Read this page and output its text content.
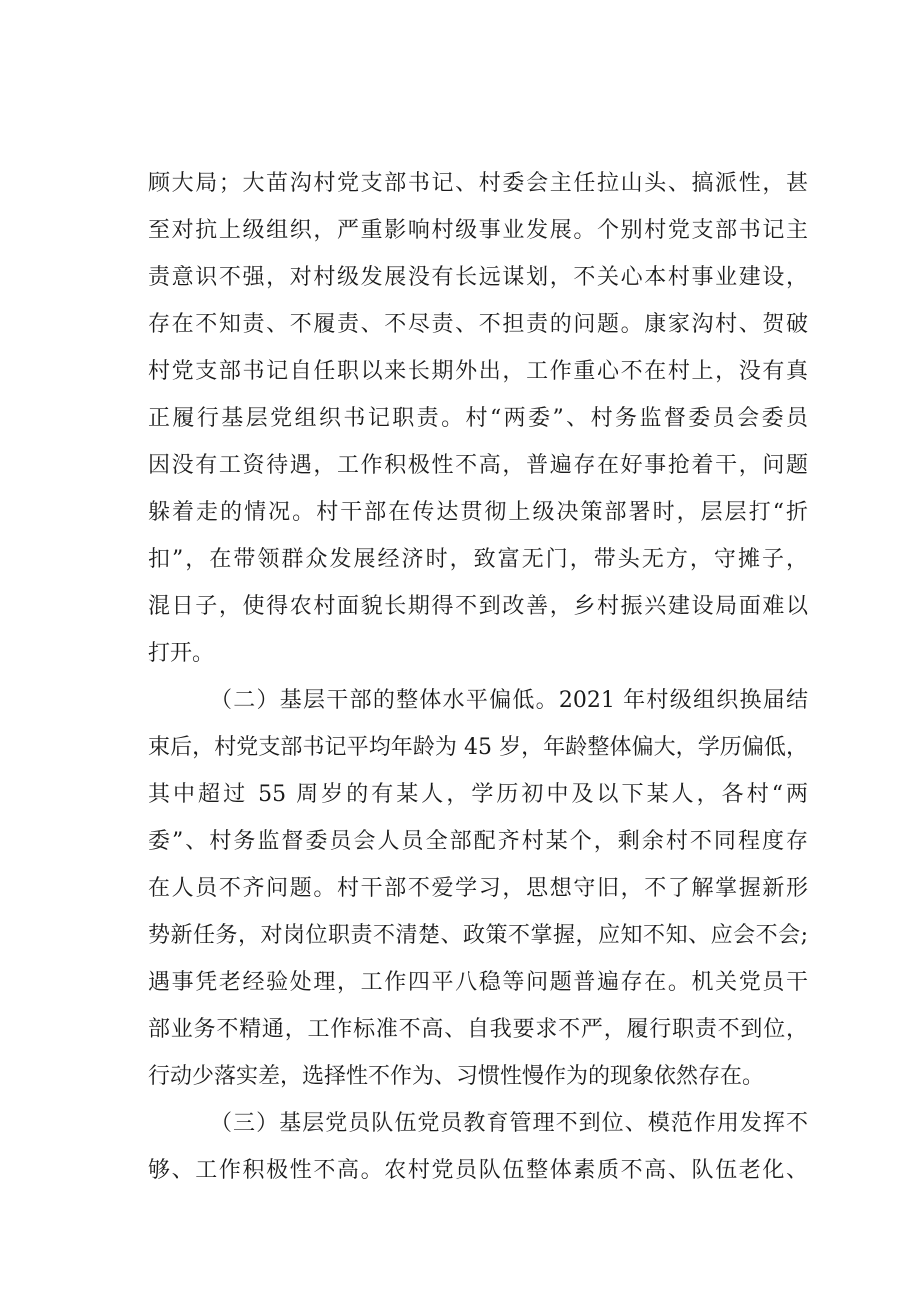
顾大局；大苗沟村党支部书记、村委会主任拉山头、搞派性，甚
至对抗上级组织，严重影响村级事业发展。个别村党支部书记主
责意识不强，对村级发展没有长远谋划，不关心本村事业建设，
存在不知责、不履责、不尽责、不担责的问题。康家沟村、贺破
村党支部书记自任职以来长期外出，工作重心不在村上，没有真
正履行基层党组织书记职责。村“两委”、村务监督委员会委员
因没有工资待遇，工作积极性不高，普遍存在好事抢着干，问题
躲着走的情况。村干部在传达贯彻上级决策部署时，层层打“折
扣”，在带领群众发展经济时，致富无门，带头无方，守摊子，
混日子，使得农村面貌长期得不到改善，乡村振兴建设局面难以
打开。
（二）基层干部的整体水平偏低。2021 年村级组织换届结
束后，村党支部书记平均年龄为 45 岁，年龄整体偏大，学历偏低，
其中超过 55 周岁的有某人，学历初中及以下某人，各村“两
委”、村务监督委员会人员全部配齐村某个，剩余村不同程度存
在人员不齐问题。村干部不爱学习，思想守旧，不了解掌握新形
势新任务，对岗位职责不清楚、政策不掌握，应知不知、应会不会;
遇事凭老经验处理，工作四平八稳等问题普遍存在。机关党员干
部业务不精通，工作标准不高、自我要求不严，履行职责不到位，
行动少落实差，选择性不作为、习惯性慢作为的现象依然存在。
（三）基层党员队伍党员教育管理不到位、模范作用发挥不
够、工作积极性不高。农村党员队伍整体素质不高、队伍老化、
